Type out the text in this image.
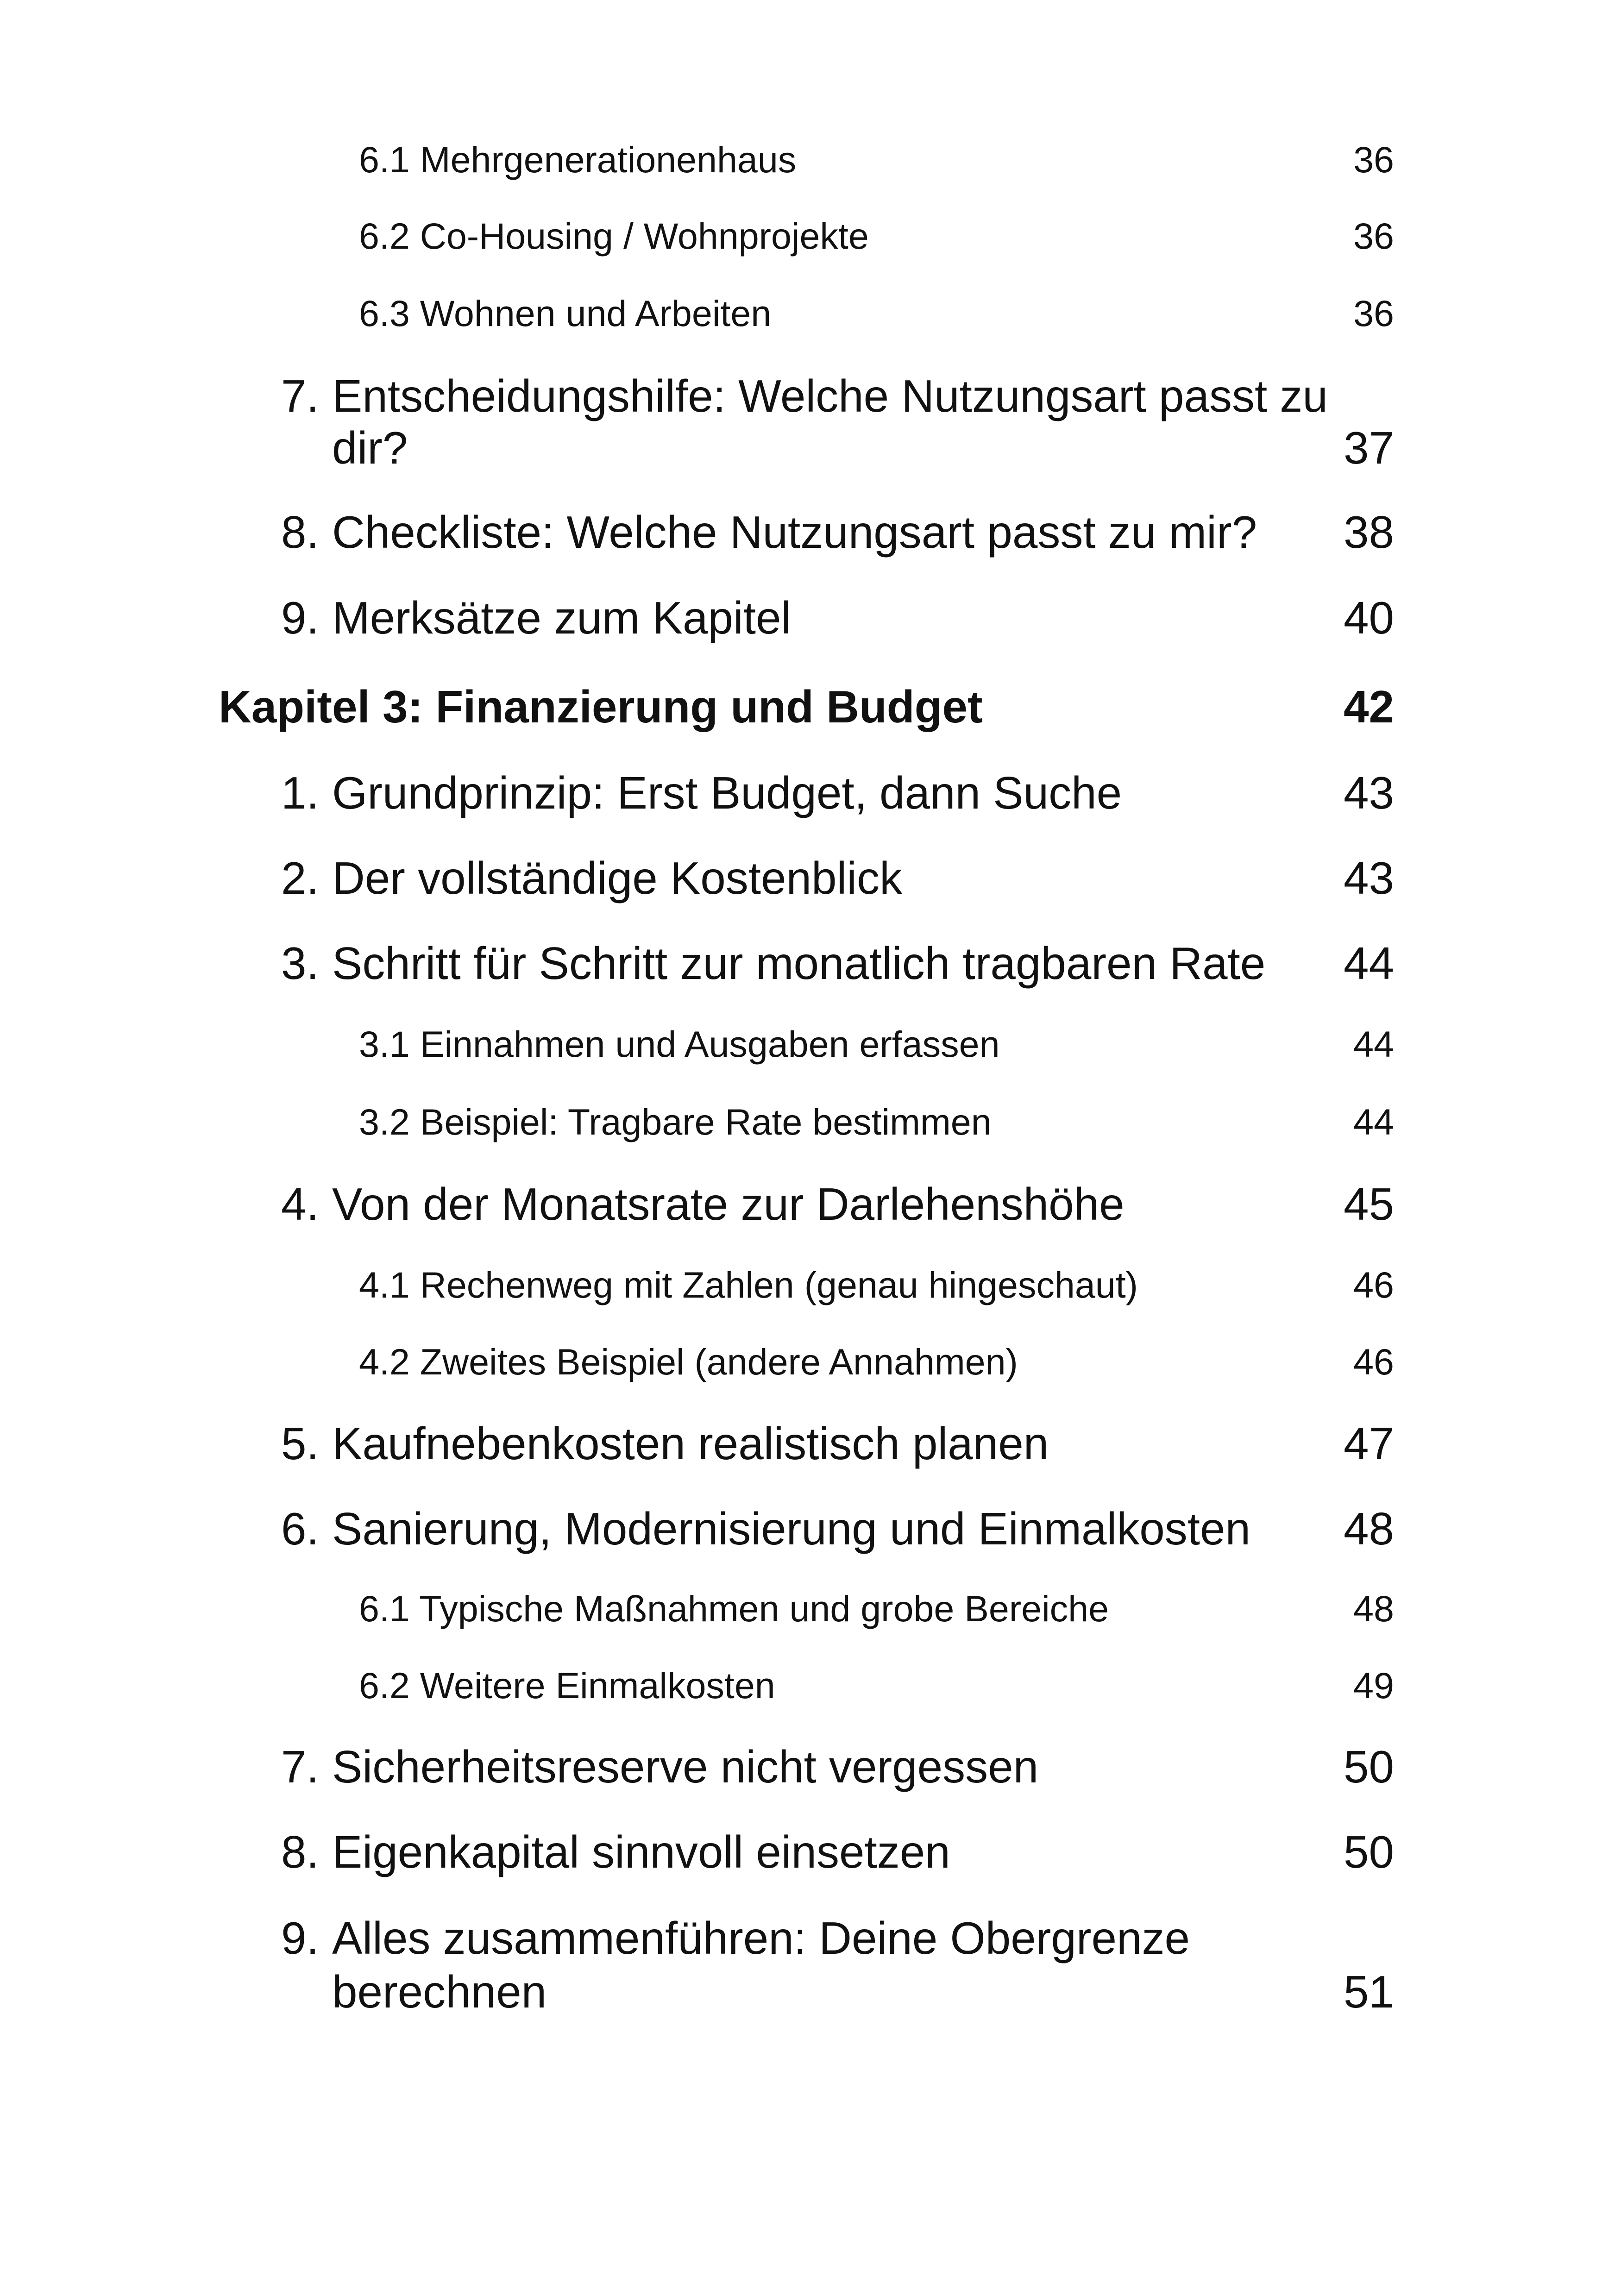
6.1 Mehrgenerationenhaus	36
6.2 Co-Housing / Wohnprojekte	36
6.3 Wohnen und Arbeiten	36
7. Entscheidungshilfe: Welche Nutzungsart passt zu
dir?	37
8. Checkliste: Welche Nutzungsart passt zu mir? 38
9. Merksätze zum Kapitel	40
Kapitel 3: Finanzierung und Budget	42
1. Grundprinzip: Erst Budget, dann Suche	43
2. Der vollständige Kostenblick	43
3. Schritt für Schritt zur monatlich tragbaren Rate 44
3.1 Einnahmen und Ausgaben erfassen	44
3.2 Beispiel: Tragbare Rate bestimmen	44
4. Von der Monatsrate zur Darlehenshöhe	45
4.1 Rechenweg mit Zahlen (genau hingeschaut)	46
4.2 Zweites Beispiel (andere Annahmen)	46
5. Kaufnebenkosten realistisch planen	47
6. Sanierung, Modernisierung und Einmalkosten 48
6.1 Typische Maßnahmen und grobe Bereiche	48
6.2 Weitere Einmalkosten	49
7. Sicherheitsreserve nicht vergessen	50
8. Eigenkapital sinnvoll einsetzen	50
9. Alles zusammenführen: Deine Obergrenze
berechnen	51
